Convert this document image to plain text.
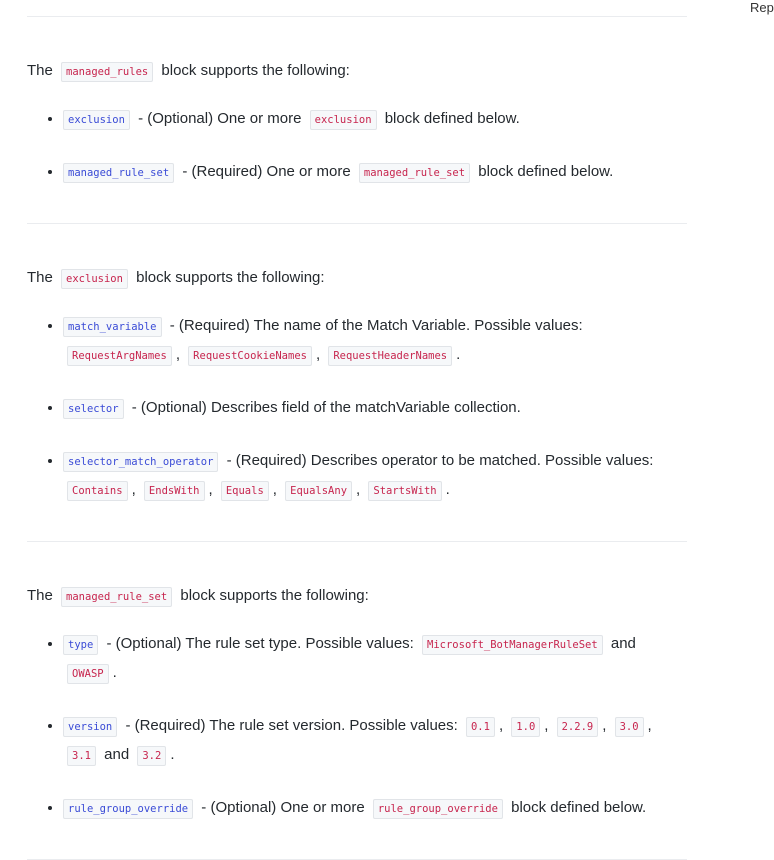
Rep

The managed_rules block supports the following:

• exclusion - (Optional) One or more exclusion block defined below.
• managed_rule_set - (Required) One or more managed_rule_set block defined below.

The exclusion block supports the following:

• match_variable - (Required) The name of the Match Variable. Possible values: RequestArgNames , RequestCookieNames , RequestHeaderNames .
• selector - (Optional) Describes field of the matchVariable collection.
• selector_match_operator - (Required) Describes operator to be matched. Possible values: Contains , EndsWith , Equals , EqualsAny , StartsWith .

The managed_rule_set block supports the following:

• type - (Optional) The rule set type. Possible values: Microsoft_BotManagerRuleSet and OWASP .
• version - (Required) The rule set version. Possible values: 0.1 , 1.0 , 2.2.9 , 3.0 , 3.1 and 3.2 .
• rule_group_override - (Optional) One or more rule_group_override block defined below.
